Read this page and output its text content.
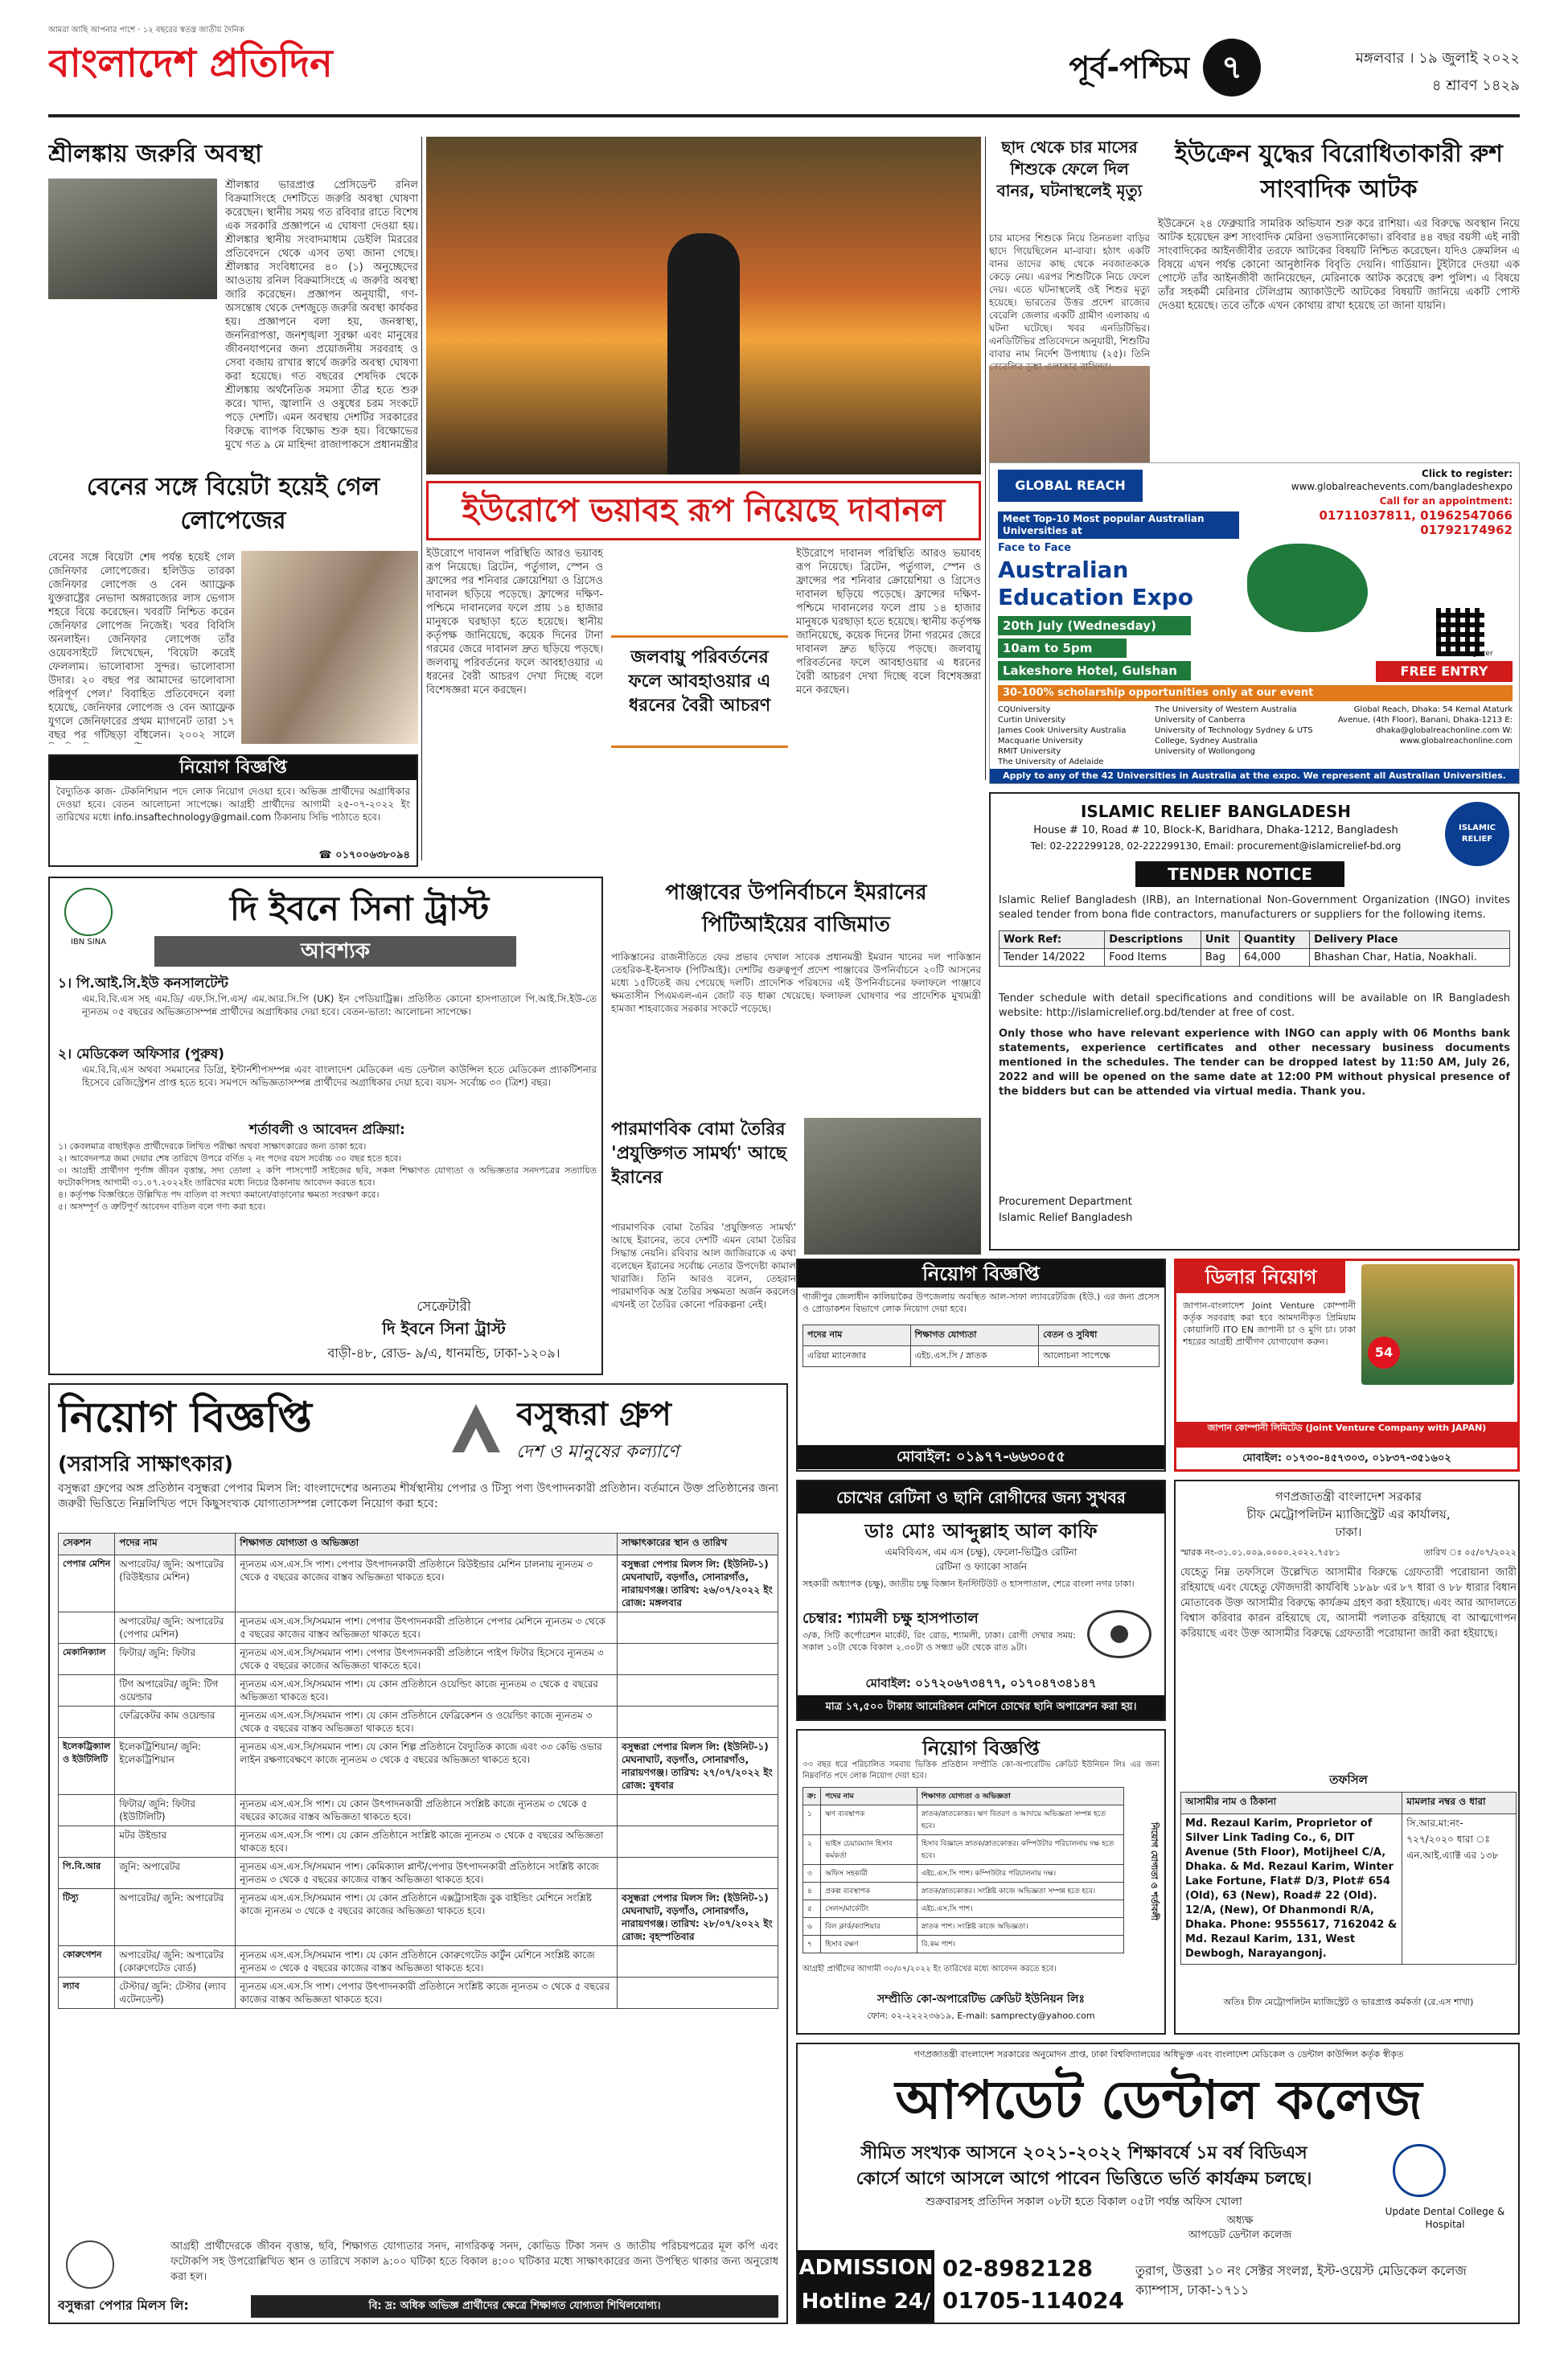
আমরা আছি আপনার পাশে · ১২ বছরের স্বতন্ত্র জাতীয় দৈনিক
বাংলাদেশ প্রতিদিন	পূর্ব-পশ্চিম ৭	মঙ্গলবার । ১৯ জুলাই ২০২২
৪ শ্রাবণ ১৪২৯
শ্রীলঙ্কায় জরুরি অবস্থা
শ্রীলঙ্কার ভারপ্রাপ্ত প্রেসিডেন্ট রনিল বিক্রমাসিংহে দেশটিতে জরুরি অবস্থা ঘোষণা করেছেন। স্থানীয় সময় গত রবিবার রাতে বিশেষ এক সরকারি প্রজ্ঞাপনে এ ঘোষণা দেওয়া হয়। শ্রীলঙ্কার স্থানীয় সংবাদমাধ্যম ডেইলি মিররের প্রতিবেদনে থেকে এসব তথ্য জানা গেছে। শ্রীলঙ্কার সংবিধানের ৪০ (১) অনুচ্ছেদের আওতায় রনিল বিক্রমাসিংহে এ জরুরি অবস্থা জারি করেছেন। প্রজ্ঞাপন অনুযায়ী, গণ-অসন্তোষ থেকে দেশজুড়ে জরুরি অবস্থা কার্যকর হয়। প্রজ্ঞাপনে বলা হয়, জনস্বাস্থ্য, জননিরাপত্তা, জনশৃঙ্খলা সুরক্ষা এবং মানুষের জীবনযাপনের জন্য প্রয়োজনীয় সরবরাহ ও সেবা বজায় রাখার স্বার্থে জরুরি অবস্থা ঘোষণা করা হয়েছে। গত বছরের শেষদিক থেকে শ্রীলঙ্কায় অর্থনৈতিক সমস্যা তীব্র হতে শুরু করে। খাদ্য, জ্বালানি ও ওষুধের চরম সংকটে পড়ে দেশটি। এমন অবস্থায় দেশটির সরকারের বিরুদ্ধে ব্যাপক বিক্ষোভ শুরু হয়। বিক্ষোভের মুখে গত ৯ মে মাহিন্দা রাজাপাকসে প্রধানমন্ত্রীর
বেনের সঙ্গে বিয়েটা হয়েই গেল লোপেজের
বেনের সঙ্গে বিয়েটা শেষ পর্যন্ত হয়েই গেল জেনিফার লোপেজের। হলিউড তারকা জেনিফার লোপেজ ও বেন অ্যাফ্লেক যুক্তরাষ্ট্রের নেভাদা অঙ্গরাজ্যের লাস ভেগাস শহরে বিয়ে করেছেন। খবরটি নিশ্চিত করেন জেনিফার লোপেজ নিজেই। খবর বিবিসি অনলাইন। জেনিফার লোপেজ তাঁর ওয়েবসাইটে লিখেছেন, 'বিয়েটা করেই ফেললাম। ভালোবাসা সুন্দর। ভালোবাসা উদার। ২০ বছর পর আমাদের ভালোবাসা পরিপূর্ণ পেল।' বিবাহিত প্রতিবেদনে বলা হয়েছে, জেনিফার লোপেজ ও বেন অ্যাফ্লেক যুগলে জেনিফারের প্রথম ম্যাগনেট তারা ১৭ বছর পর গাঁটছড়া বাঁধলেন। ২০০২ সালে
নিয়োগ বিজ্ঞপ্তি
বৈদ্যুতিক কাজ- টেকনিশিয়ান পদে লোক নিয়োগ দেওয়া হবে। অভিজ্ঞ প্রার্থীদের অগ্রাধিকার দেওয়া হবে। বেতন আলোচনা সাপেক্ষে। আগ্রহী প্রার্থীদের আগামী ২৫-০৭-২০২২ ইং তারিখের মধ্যে info.insaftechnology@gmail.com ঠিকানায় সিভি পাঠাতে হবে।
☎ ০১৭০০৬৩৮০৯৪
ইউরোপে ভয়াবহ রূপ নিয়েছে দাবানল
ইউরোপে দাবানল পরিস্থিতি আরও ভয়াবহ রূপ নিয়েছে। ব্রিটেন, পর্তুগাল, স্পেন ও ফ্রান্সের পর শনিবার ক্রোয়েশিয়া ও গ্রিসেও দাবানল ছড়িয়ে পড়েছে। ফ্রান্সের দক্ষিণ-পশ্চিমে দাবানলের ফলে প্রায় ১৪ হাজার মানুষকে ঘরছাড়া হতে হয়েছে। স্থানীয় কর্তৃপক্ষ জানিয়েছে, কয়েক দিনের টানা গরমের জেরে দাবানল দ্রুত ছড়িয়ে পড়ছে। জলবায়ু পরিবর্তনের ফলে আবহাওয়ার এ ধরনের বৈরী আচরণ দেখা দিচ্ছে বলে বিশেষজ্ঞরা মনে করছেন।
জলবায়ু পরিবর্তনের ফলে আবহাওয়ার এ ধরনের বৈরী আচরণ
ইউরোপে দাবানল পরিস্থিতি আরও ভয়াবহ রূপ নিয়েছে। ব্রিটেন, পর্তুগাল, স্পেন ও ফ্রান্সের পর শনিবার ক্রোয়েশিয়া ও গ্রিসেও দাবানল ছড়িয়ে পড়েছে। ফ্রান্সের দক্ষিণ-পশ্চিমে দাবানলের ফলে প্রায় ১৪ হাজার মানুষকে ঘরছাড়া হতে হয়েছে। স্থানীয় কর্তৃপক্ষ জানিয়েছে, কয়েক দিনের টানা গরমের জেরে দাবানল দ্রুত ছড়িয়ে পড়ছে। জলবায়ু পরিবর্তনের ফলে আবহাওয়ার এ ধরনের বৈরী আচরণ দেখা দিচ্ছে বলে বিশেষজ্ঞরা মনে করছেন।
ছাদ থেকে চার মাসের শিশুকে ফেলে দিল বানর, ঘটনাস্থলেই মৃত্যু
চার মাসের শিশুকে নিয়ে তিনতলা বাড়ির ছাদে গিয়েছিলেন মা-বাবা। হঠাৎ একটি বানর তাদের কাছ থেকে নবজাতককে কেড়ে নেয়। এরপর শিশুটিকে নিচে ফেলে দেয়। এতে ঘটনাস্থলেই ওই শিশুর মৃত্যু হয়েছে। ভারতের উত্তর প্রদেশ রাজ্যের বেরেলি জেলার একটি গ্রামীণ এলাকায় এ ঘটনা ঘটেছে। খবর এনডিটিভির। এনডিটিভির প্রতিবেদনে অনুযায়ী, শিশুটির বাবার নাম নির্দেশ উপাধ্যায় (২৫)। তিনি
ইউক্রেন যুদ্ধের বিরোধিতাকারী রুশ সাংবাদিক আটক
ইউক্রেনে ২৪ ফেব্রুয়ারি সামরিক অভিযান শুরু করে রাশিয়া। এর বিরুদ্ধে অবস্থান নিয়ে আটক হয়েছেন রুশ সাংবাদিক মেরিনা ওভস্যানিকোভা। রবিবার ৪৪ বছর বয়সী এই নারী সাংবাদিকের আইনজীবীর তরফে আটকের বিষয়টি নিশ্চিত করেছেন। যদিও ক্রেমলিন এ বিষয়ে এখন পর্যন্ত কোনো আনুষ্ঠানিক বিবৃতি দেয়নি। গার্ডিয়ান। টুইটারে দেওয়া এক পোস্টে তাঁর আইনজীবী জানিয়েছেন, মেরিনাকে আটক করেছে রুশ পুলিশ। এ বিষয়ে তাঁর সহকর্মী মেরিনার টেলিগ্রাম অ্যাকাউন্টে আটকের বিষয়টি জানিয়ে একটি পোস্ট দেওয়া হয়েছে। তবে তাঁকে এখন কোথায় রাখা হয়েছে তা জানা যায়নি।
GLOBAL REACH
Click to register:
www.globalreachevents.com/bangladeshexpo
Call for an appointment:
01711037811, 01962547066
01792174962
Meet Top-10 Most popular Australian Universities at
Face to Face
Australian Education Expo
20th July (Wednesday)
10am to 5pm
Lakeshore Hotel, Gulshan	FREE ENTRY
30-100% scholarship opportunities only at our event
CQUniversity
Curtin University
James Cook University Australia
Macquarie University
RMIT University
The University of Adelaide
The University of Western Australia
University of Canberra
University of Technology Sydney & UTS College, Sydney Australia
University of Wollongong
Global Reach, Dhaka: 54 Kemal Ataturk Avenue, (4th Floor), Banani, Dhaka-1213 E: dhaka@globalreachonline.com W: www.globalreachonline.com
Scan to register
Apply to any of the 42 Universities in Australia at the expo. We represent all Australian Universities.
পাঞ্জাবের উপনির্বাচনে ইমরানের পিটিআইয়ের বাজিমাত
পাকিস্তানের রাজনীতিতে ফের প্রভাব দেখাল সাবেক প্রধানমন্ত্রী ইমরান খানের দল পাকিস্তান তেহরিক-ই-ইনসাফ (পিটিআই)। দেশটির গুরুত্বপূর্ণ প্রদেশ পাঞ্জাবের উপনির্বাচনে ২০টি আসনের মধ্যে ১৫টিতেই জয় পেয়েছে দলটি। প্রাদেশিক পরিষদের এই উপনির্বাচনের ফলাফলে পাঞ্জাবে ক্ষমতাসীন পিএমএল-এন জোট বড় ধাক্কা খেয়েছে। ফলাফল ঘোষণার পর প্রাদেশিক মুখ্যমন্ত্রী হামজা শাহবাজের সরকার সংকটে পড়েছে।
পারমাণবিক বোমা তৈরির 'প্রযুক্তিগত সামর্থ্য' আছে ইরানের
পারমাণবিক বোমা তৈরির 'প্রযুক্তিগত সামর্থ্য' আছে ইরানের, তবে দেশটি এমন বোমা তৈরির সিদ্ধান্ত নেয়নি। রবিবার আল জাজিরাকে এ কথা বলেছেন ইরানের সর্বোচ্চ নেতার উপদেষ্টা কামাল খারাজি। তিনি আরও বলেন, তেহরান পারমাণবিক অস্ত্র তৈরির সক্ষমতা অর্জন করলেও এখনই তা তৈরির কোনো পরিকল্পনা নেই।
IBN SINA
দি ইবনে সিনা ট্রাস্ট
আবশ্যক
১। পি.আই.সি.ইউ কনসালটেন্ট
এম.বি.বি.এস সহ এম.ডি/ এফ.সি.পি.এস/ এম.আর.সি.পি (UK) ইন পেডিয়াট্রিক্স। প্রতিষ্ঠিত কোনো হাসপাতালে পি.আই.সি.ইউ-তে ন্যূনতম ০৫ বছরের অভিজ্ঞতাসম্পন্ন প্রার্থীদের অগ্রাধিকার দেয়া হবে। বেতন-ভাতা: আলোচনা সাপেক্ষে।
২। মেডিকেল অফিসার (পুরুষ)
এম.বি.বি.এস অথবা সমমানের ডিগ্রি, ইন্টার্নশীপসম্পন্ন এবং বাংলাদেশ মেডিকেল এন্ড ডেন্টাল কাউন্সিল হতে মেডিকেল প্র্যাকটিশনার হিসেবে রেজিস্ট্রেশন প্রাপ্ত হতে হবে। সমপদে অভিজ্ঞতাসম্পন্ন প্রার্থীদের অগ্রাধিকার দেয়া হবে। বয়স- সর্বোচ্চ ৩০ (ত্রিশ) বছর।
শর্তাবলী ও আবেদন প্রক্রিয়া:
১। কেবলমাত্র বাছাইকৃত প্রার্থীদেরকে লিখিত পরীক্ষা অথবা সাক্ষাৎকারের জন্য ডাকা হবে।
২। আবেদনপত্র জমা দেয়ার শেষ তারিখে উপরে বর্ণিত ২ নং পদের বয়স সর্বোচ্চ ৩০ বছর হতে হবে।
৩। আগ্রহী প্রার্থীগণ পূর্ণাঙ্গ জীবন বৃত্তান্ত, সদ্য তোলা ২ কপি পাসপোর্ট সাইজের ছবি, সকল শিক্ষাগত যোগ্যতা ও অভিজ্ঞতার সনদপত্রের সত্যায়িত ফটোকপিসহ আগামী ৩১.০৭.২০২২ইং তারিখের মধ্যে নিচের ঠিকানায় আবেদন করতে হবে।
৪। কর্তৃপক্ষ বিজ্ঞপ্তিতে উল্লিখিত পদ বাতিল বা সংখ্যা কমানো/বাড়ানোর ক্ষমতা সংরক্ষণ করে।
৫। অসম্পূর্ণ ও ত্রুটিপূর্ণ আবেদন বাতিল বলে গণ্য করা হবে।
সেক্রেটারী
দি ইবনে সিনা ট্রাস্ট
বাড়ী-৪৮, রোড- ৯/এ, ধানমন্ডি, ঢাকা-১২০৯।
নিয়োগ বিজ্ঞপ্তি
গাজীপুর জেলাধীন কালিয়াকৈর উপজেলায় অবস্থিত আল-সাফা ল্যাবরেটরিজ (ইউ.) এর জন্য প্রসেস ও প্রোডাকশন বিভাগে লোক নিয়োগ দেয়া হবে।
পদের নাম	শিক্ষাগত যোগ্যতা	বেতন ও সুবিধা
এরিয়া ম্যানেজার	এইচ.এস.সি / স্নাতক	আলোচনা সাপেক্ষে
মোবাইল: ০১৯৭৭-৬৬৩০৫৫
ডিলার নিয়োগ
54
জাপান-বাংলাদেশ Joint Venture কোম্পানী কর্তৃক সরবরাহ করা হবে আমদানীকৃত প্রিমিয়াম কোয়ালিটি ITO EN জাপানী চা ও মুগি চা। ঢাকা শহরের আগ্রহী প্রার্থীগণ যোগাযোগ করুন।
জাপান কোম্পানী লিমিটেড (Joint Venture Company with JAPAN)
মোবাইল: ০১৭৩০-৪৫৭৩০৩, ০১৮৩৭-৩৫১৬০২
চোখের রেটিনা ও ছানি রোগীদের জন্য সুখবর
ডাঃ মোঃ আব্দুল্লাহ আল কাফি
এমবিবিএস, এম এস (চক্ষু), ফেলো-ভিট্রিও রেটিনা
রেটিনা ও ফ্যাকো সার্জন
সহকারী অধ্যাপক (চক্ষু), জাতীয় চক্ষু বিজ্ঞান ইনস্টিটিউট ও হাসপাতাল, শেরে বাংলা নগর ঢাকা।
চেম্বার: শ্যামলী চক্ষু হাসপাতাল
৩/ক, সিটি কর্পোরেশন মার্কেট, রিং রোড, শ্যামলী, ঢাকা। রোগী দেখার সময়: সকাল ১০টা থেকে বিকাল ২.৩০টা ও সন্ধ্যা ৬টা থেকে রাত ৯টা।
মোবাইল: ০১৭২০৬৭৩৪৭৭, ০১৭০৪৭৩৪১৪৭
মাত্র ১৭,৫০০ টাকায় আমেরিকান মেশিনে চোখের ছানি অপারেশন করা হয়।
নিয়োগ বিজ্ঞপ্তি
৩৩ বছর ধরে পরিচালিত সমবায় ভিত্তিক প্রতিষ্ঠান সম্প্রীতি কো-অপারেটিভ ক্রেডিট ইউনিয়ন লিঃ এর জন্য নিম্নবর্ণিত পদে লোক নিয়োগ দেয়া হবে।
ক্র:	পদের নাম	শিক্ষাগত যোগ্যতা ও অভিজ্ঞতা
১	ঋণ ব্যবস্থাপক	স্নাতক/স্নাতকোত্তর। ঋণ বিতরণ ও আদায়ে অভিজ্ঞতা সম্পন্ন হতে হবে।
২	ভাইস চেয়ারম্যান হিসাব কর্মকর্তা	হিসাব বিজ্ঞানে স্নাতক/স্নাতকোত্তর। কম্পিউটার পরিচালনায় দক্ষ হতে হবে।
৩	অফিস সহকারী	এইচ.এস.সি পাশ। কম্পিউটার পরিচালনায় দক্ষ।
৪	প্রকল্প ব্যবস্থাপক	স্নাতক/স্নাতকোত্তর। সংশ্লিষ্ট কাজে অভিজ্ঞতা সম্পন্ন হতে হবে।
৫	সেলস/মার্কেটিং	এইচ.এস.সি পাশ।
৬	বিল ক্লার্ক/ক্যাশিয়ার	স্নাতক পাশ। সংশ্লিষ্ট কাজে অভিজ্ঞতা।
৭	হিসাব রক্ষণ	বি.কম পাশ।
নিয়োগ যোগ্যতা ও শর্তাবলী
আগ্রহী প্রার্থীদের আগামী ৩০/০৭/২০২২ ইং তারিখের মধ্যে আবেদন করতে হবে।
সম্প্রীতি কো-অপারেটিভ ক্রেডিট ইউনিয়ন লিঃ
ফোন: ০২-২২২২৩৬১৯, E-mail: samprecty@yahoo.com
ISLAMIC RELIEF BANGLADESH
House # 10, Road # 10, Block-K, Baridhara, Dhaka-1212, Bangladesh
Tel: 02-222299128, 02-222299130, Email: procurement@islamicrelief-bd.org
ISLAMIC RELIEF
TENDER NOTICE
Islamic Relief Bangladesh (IRB), an International Non-Government Organization (INGO) invites sealed tender from bona fide contractors, manufacturers or suppliers for the following items.
Work Ref:	Descriptions	Unit	Quantity	Delivery Place
Tender 14/2022	Food Items	Bag	64,000	Bhashan Char, Hatia, Noakhali.
Tender schedule with detail specifications and conditions will be available on IR Bangladesh website: http://islamicrelief.org.bd/tender at free of cost.
Only those who have relevant experience with INGO can apply with 06 Months bank statements, experience certificates and other necessary business documents mentioned in the schedules. The tender can be dropped latest by 11:50 AM, July 26, 2022 and will be opened on the same date at 12:00 PM without physical presence of the bidders but can be attended via virtual media. Thank you.
Procurement Department
Islamic Relief Bangladesh
গণপ্রজাতন্ত্রী বাংলাদেশ সরকার
চীফ মেট্রোপলিটন ম্যাজিস্ট্রেট এর কার্যালয়,
ঢাকা।
স্মারক নং-৩১.০১.০০৯.০০০০.২০২২.৭৫৮১	তারিখ ঃ ০৫/০৭/২০২২
যেহেতু নিম্ন তফসিলে উল্লেখিত আসামীর বিরুদ্ধে গ্রেফতারী পরোয়ানা জারী রহিয়াছে এবং যেহেতু ফৌজদারী কার্যবিধি ১৮৯৮ এর ৮৭ ধারা ও ৮৮ ধারার বিধান মোতাবেক উক্ত আসামীর বিরুদ্ধে কার্যক্রম গ্রহণ করা হইয়াছে। এবং আর আদালতে বিশ্বাস করিবার কারন রহিয়াছে যে, আসামী পলাতক রহিয়াছে বা আত্মগোপন করিয়াছে এবং উক্ত আসামীর বিরুদ্ধে গ্রেফতারী পরোয়ানা জারী করা হইয়াছে।
তফসিল
আসামীর নাম ও ঠিকানা	মামলার নম্বর ও ধারা
Md. Rezaul Karim, Proprietor of Silver Link Tading Co., 6, DIT Avenue (5th Floor), Motijheel C/A, Dhaka. & Md. Rezaul Karim, Winter Lake Fortune, Flat# D/3, Plot# 654 (Old), 63 (New), Road# 22 (Old). 12/A, (New), Of Dhanmondi R/A, Dhaka. Phone: 9555617, 7162042 & Md. Rezaul Karim, 131, West Dewbogh, Narayangonj.	সি.আর.মা:নং- ৭২৭/২০২০ ধারা ঃ এন.আই.এ্যাক্ট এর ১৩৮
অতিঃ চীফ মেট্রোপলিটন ম্যাজিস্ট্রেট ও ভারপ্রাপ্ত কর্মকর্তা (রে.এস শাখা)
নিয়োগ বিজ্ঞপ্তি
(সরাসরি সাক্ষাৎকার)
বসুন্ধরা গ্রুপ
দেশ ও মানুষের কল্যাণে
বসুন্ধরা গ্রুপের অঙ্গ প্রতিষ্ঠান বসুন্ধরা পেপার মিলস লি: বাংলাদেশের অন্যতম শীর্ষস্থানীয় পেপার ও টিস্যু পণ্য উৎপাদনকারী প্রতিষ্ঠান। বর্তমানে উক্ত প্রতিষ্ঠানের জন্য জরুরী ভিত্তিতে নিম্নলিখিত পদে কিছুসংখ্যক যোগ্যতাসম্পন্ন লোকেল নিয়োগ করা হবে:
সেকশন	পদের নাম	শিক্ষাগত যোগ্যতা ও অভিজ্ঞতা	সাক্ষাৎকারের স্থান ও তারিখ
পেপার মেশিন	অপারেটর/ জুনি: অপারেটর (রিউইন্ডার মেশিন)	ন্যূনতম এস.এস.সি পাশ। পেপার উৎপাদনকারী প্রতিষ্ঠানে রিউইন্ডার মেশিন চালনায় ন্যূনতম ৩ থেকে ৫ বছরের কাজের বাস্তব অভিজ্ঞতা থাকতে হবে।	বসুন্ধরা পেপার মিলস লি: (ইউনিট-১) মেঘনাঘাট, বড়গাঁও, সোনারগাঁও, নারায়ণগঞ্জ। তারিখ: ২৬/০৭/২০২২ ইং রোজ: মঙ্গলবার
	অপারেটর/ জুনি: অপারেটর (পেপার মেশিন)	ন্যূনতম এস.এস.সি/সমমান পাশ। পেপার উৎপাদনকারী প্রতিষ্ঠানে পেপার মেশিনে ন্যূনতম ৩ থেকে ৫ বছরের কাজের বাস্তব অভিজ্ঞতা থাকতে হবে।	
মেকানিক্যাল	ফিটার/ জুনি: ফিটার	ন্যূনতম এস.এস.সি/সমমান পাশ। পেপার উৎপাদনকারী প্রতিষ্ঠানে পাইপ ফিটার হিসেবে ন্যূনতম ৩ থেকে ৫ বছরের কাজের অভিজ্ঞতা থাকতে হবে।	
	টিগ অপারেটর/ জুনি: টিগ ওয়েল্ডার	ন্যূনতম এস.এস.সি/সমমান পাশ। যে কোন প্রতিষ্ঠানে ওয়েল্ডিং কাজে ন্যূনতম ৩ থেকে ৫ বছরের অভিজ্ঞতা থাকতে হবে।	
	ফেব্রিকেটর কাম ওয়েল্ডার	ন্যূনতম এস.এস.সি/সমমান পাশ। যে কোন প্রতিষ্ঠানে ফেব্রিকেশন ও ওয়েল্ডিং কাজে ন্যূনতম ৩ থেকে ৫ বছরের বাস্তব অভিজ্ঞতা থাকতে হবে।	
ইলেকট্রিক্যাল ও ইউটিলিটি	ইলেকট্রিশিয়ান/ জুনি: ইলেকট্রিশিয়ান	ন্যূনতম এস.এস.সি/সমমান পাশ। যে কোন শিল্প প্রতিষ্ঠানে বৈদ্যুতিক কাজে এবং ৩৩ কেভি ওভার লাইন রক্ষণাবেক্ষণে কাজে ন্যূনতম ৩ থেকে ৫ বছরের অভিজ্ঞতা থাকতে হবে।	বসুন্ধরা পেপার মিলস লি: (ইউনিট-১) মেঘনাঘাট, বড়গাঁও, সোনারগাঁও, নারায়ণগঞ্জ। তারিখ: ২৭/০৭/২০২২ ইং রোজ: বুধবার
	ফিটার/ জুনি: ফিটার (ইউটিলিটি)	ন্যূনতম এস.এস.সি পাশ। যে কোন উৎপাদনকারী প্রতিষ্ঠানে সংশ্লিষ্ট কাজে ন্যূনতম ৩ থেকে ৫ বছরের কাজের বাস্তব অভিজ্ঞতা থাকতে হবে।	
	মটর উইন্ডার	ন্যূনতম এস.এস.সি পাশ। যে কোন প্রতিষ্ঠানে সংশ্লিষ্ট কাজে ন্যূনতম ৩ থেকে ৫ বছরের অভিজ্ঞতা থাকতে হবে।	
পি.বি.আর	জুনি: অপারেটর	ন্যূনতম এস.এস.সি/সমমান পাশ। কেমিক্যাল প্লান্ট/পেপার উৎপাদনকারী প্রতিষ্ঠানে সংশ্লিষ্ট কাজে ন্যূনতম ৩ থেকে ৫ বছরের কাজের বাস্তব অভিজ্ঞতা থাকতে হবে।	
টিস্যু	অপারেটর/ জুনি: অপারেটর	ন্যূনতম এস.এস.সি/সমমান পাশ। যে কোন প্রতিষ্ঠানে এক্সট্রাসাইজ বুক বাইন্ডিং মেশিনে সংশ্লিষ্ট কাজে ন্যূনতম ৩ থেকে ৫ বছরের কাজের অভিজ্ঞতা থাকতে হবে।	বসুন্ধরা পেপার মিলস লি: (ইউনিট-১) মেঘনাঘাট, বড়গাঁও, সোনারগাঁও, নারায়ণগঞ্জ। তারিখ: ২৮/০৭/২০২২ ইং রোজ: বৃহস্পতিবার
কোরুগেশন	অপারেটর/ জুনি: অপারেটর (কোরুগেটেড বোর্ড)	ন্যূনতম এস.এস.সি/সমমান পাশ। যে কোন প্রতিষ্ঠানে কোরুগেটেড কার্টুন মেশিনে সংশ্লিষ্ট কাজে ন্যূনতম ৩ থেকে ৫ বছরের কাজের বাস্তব অভিজ্ঞতা থাকতে হবে।	
ল্যাব	টেস্টার/ জুনি: টেস্টার (ল্যাব এটেনডেন্ট)	ন্যূনতম এস.এস.সি পাশ। পেপার উৎপাদনকারী প্রতিষ্ঠানে সংশ্লিষ্ট কাজে ন্যূনতম ৩ থেকে ৫ বছরের কাজের বাস্তব অভিজ্ঞতা থাকতে হবে।	
আগ্রহী প্রার্থীদেরকে জীবন বৃত্তান্ত, ছবি, শিক্ষাগত যোগ্যতার সনদ, নাগরিকত্ব সনদ, কোভিড টিকা সনদ ও জাতীয় পরিচয়পত্রের মূল কপি এবং ফটোকপি সহ উপরোল্লিখিত স্থান ও তারিখে সকাল ৯:০০ ঘটিকা হতে বিকাল ৪:০০ ঘটিকার মধ্যে সাক্ষাৎকারের জন্য উপস্থিত থাকার জন্য অনুরোধ করা হল।
বসুন্ধরা পেপার মিলস লি:	বি: দ্র: অধিক অভিজ্ঞ প্রার্থীদের ক্ষেত্রে শিক্ষাগত যোগ্যতা শিথিলযোগ্য।
গণপ্রজাতন্ত্রী বাংলাদেশ সরকারের অনুমোদন প্রাপ্ত, ঢাকা বিশ্ববিদ্যালয়ের অধিভুক্ত এবং বাংলাদেশ মেডিকেল ও ডেন্টাল কাউন্সিল কর্তৃক স্বীকৃত
আপডেট ডেন্টাল কলেজ
সীমিত সংখ্যক আসনে ২০২১-২০২২ শিক্ষাবর্ষে ১ম বর্ষ বিডিএস
কোর্সে আগে আসলে আগে পাবেন ভিত্তিতে ভর্তি কার্যক্রম চলছে।
শুক্রবারসহ প্রতিদিন সকাল ০৮টা হতে বিকাল ০৫টা পর্যন্ত অফিস খোলা
অধ্যক্ষ
আপডেট ডেন্টাল কলেজ
Update Dental College & Hospital
ADMISSION
Hotline 24/
02-8982128
01705-114024
তুরাগ, উত্তরা ১০ নং সেক্টর সংলগ্ন, ইস্ট-ওয়েস্ট মেডিকেল কলেজ ক্যাম্পাস, ঢাকা-১৭১১
